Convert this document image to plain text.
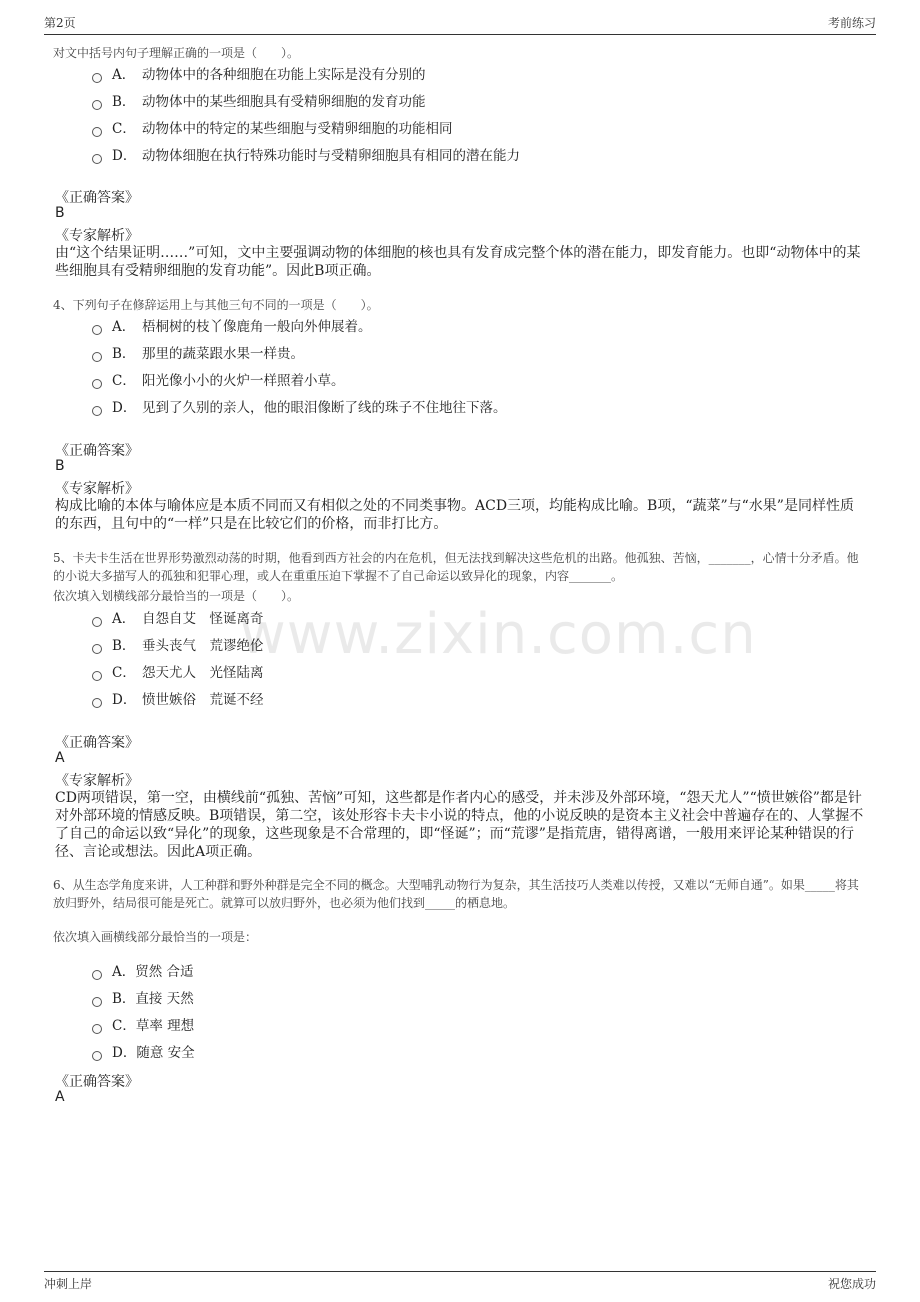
第2页	考前练习
www.zixin.com.cn
对文中括号内句子理解正确的一项是（　　）。
A． 动物体中的各种细胞在功能上实际是没有分别的
B． 动物体中的某些细胞具有受精卵细胞的发育功能
C． 动物体中的特定的某些细胞与受精卵细胞的功能相同
D． 动物体细胞在执行特殊功能时与受精卵细胞具有相同的潜在能力
《正确答案》
B
《专家解析》
由“这个结果证明……”可知，文中主要强调动物的体细胞的核也具有发育成完整个体的潜在能力，即发育能力。也即“动物体中的某些细胞具有受精卵细胞的发育功能”。因此B项正确。
4、下列句子在修辞运用上与其他三句不同的一项是（　　）。
A． 梧桐树的枝丫像鹿角一般向外伸展着。
B． 那里的蔬菜跟水果一样贵。
C． 阳光像小小的火炉一样照着小草。
D． 见到了久别的亲人，他的眼泪像断了线的珠子不住地往下落。
《正确答案》
B
《专家解析》
构成比喻的本体与喻体应是本质不同而又有相似之处的不同类事物。ACD三项，均能构成比喻。B项，“蔬菜”与“水果”是同样性质的东西，且句中的“一样”只是在比较它们的价格，而非打比方。
5、卡夫卡生活在世界形势激烈动荡的时期，他看到西方社会的内在危机，但无法找到解决这些危机的出路。他孤独、苦恼，_______，心情十分矛盾。他的小说大多描写人的孤独和犯罪心理，或人在重重压迫下掌握不了自己命运以致异化的现象，内容_______。
依次填入划横线部分最恰当的一项是（　　）。
A． 自怨自艾　怪诞离奇
B． 垂头丧气　荒谬绝伦
C． 怨天尤人　光怪陆离
D． 愤世嫉俗　荒诞不经
《正确答案》
A
《专家解析》
CD两项错误，第一空，由横线前“孤独、苦恼”可知，这些都是作者内心的感受，并未涉及外部环境，“怨天尤人”“愤世嫉俗”都是针对外部环境的情感反映。B项错误，第二空，该处形容卡夫卡小说的特点，他的小说反映的是资本主义社会中普遍存在的、人掌握不了自己的命运以致“异化”的现象，这些现象是不合常理的，即“怪诞”；而“荒谬”是指荒唐，错得离谱，一般用来评论某种错误的行径、言论或想法。因此A项正确。
6、从生态学角度来讲，人工种群和野外种群是完全不同的概念。大型哺乳动物行为复杂，其生活技巧人类难以传授，又难以“无师自通”。如果_____将其放归野外，结局很可能是死亡。就算可以放归野外，也必须为他们找到_____的栖息地。
依次填入画横线部分最恰当的一项是：
A． 贸然 合适
B． 直接 天然
C． 草率 理想
D． 随意 安全
《正确答案》
A
冲刺上岸	祝您成功
